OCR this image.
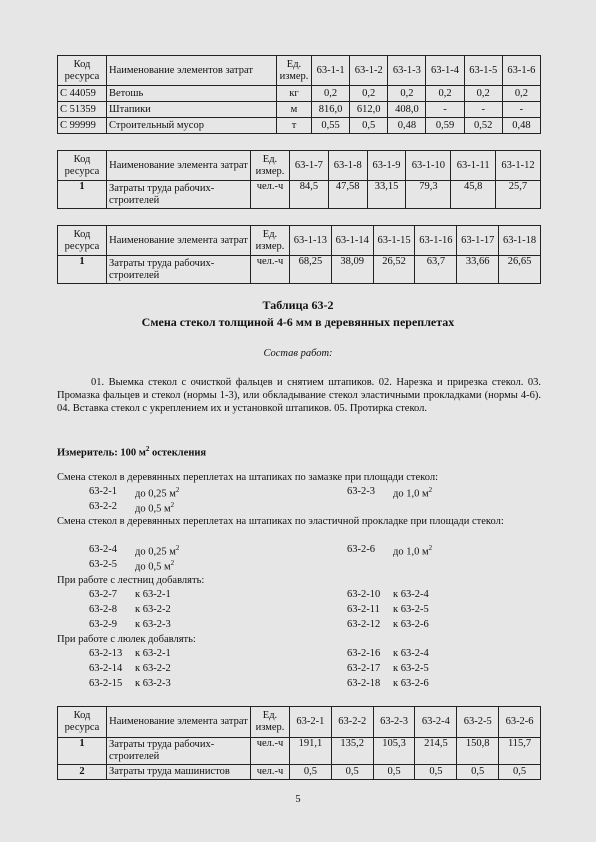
Код ресурса	Наименование элементов затрат	Ед. измер.	63-1-1	63-1-2	63-1-3	63-1-4	63-1-5	63-1-6
С 44059	Ветошь	кг	0,2	0,2	0,2	0,2	0,2	0,2
С 51359	Штапики	м	816,0	612,0	408,0	-	-	-
С 99999	Строительный мусор	т	0,55	0,5	0,48	0,59	0,52	0,48
Код ресурса	Наименование элемента затрат	Ед. измер.	63-1-7	63-1-8	63-1-9	63-1-10	63-1-11	63-1-12
1	Затраты труда рабочих-строителей	чел.-ч	84,5	47,58	33,15	79,3	45,8	25,7
Код ресурса	Наименование элемента затрат	Ед. измер.	63-1-13	63-1-14	63-1-15	63-1-16	63-1-17	63-1-18
1	Затраты труда рабочих-строителей	чел.-ч	68,25	38,09	26,52	63,7	33,66	26,65
Таблица 63-2
Смена стекол толщиной 4-6 мм в деревянных переплетах
Состав работ:
01. Выемка стекол с очисткой фальцев и снятием штапиков. 02. Нарезка и прирезка стекол. 03. Промазка фальцев и стекол (нормы 1-3), или обкладывание стекол эластичными прокладками (нормы 4-6). 04. Вставка стекол с укреплением их и установкой штапиков. 05. Протирка стекол.
Измеритель: 100 $м^2$ остекления
Смена стекол в деревянных переплетах на штапиках по замазке при площади стекол:
63-2-1 до 0,25 $м^2$	63-2-3 до 1,0 $м^2$
63-2-2 до 0,5 $м^2$
Смена стекол в деревянных переплетах на штапиках по эластичной прокладке при площади стекол:
63-2-4 до 0,25 $м^2$	63-2-6 до 1,0 $м^2$
63-2-5 до 0,5 $м^2$
При работе с лестниц добавлять:
63-2-7 к 63-2-1	63-2-10 к 63-2-4
63-2-8 к 63-2-2	63-2-11 к 63-2-5
63-2-9 к 63-2-3	63-2-12 к 63-2-6
При работе с люлек добавлять:
63-2-13 к 63-2-1	63-2-16 к 63-2-4
63-2-14 к 63-2-2	63-2-17 к 63-2-5
63-2-15 к 63-2-3	63-2-18 к 63-2-6
Код ресурса	Наименование элемента затрат	Ед. измер.	63-2-1	63-2-2	63-2-3	63-2-4	63-2-5	63-2-6
1	Затраты труда рабочих-строителей	чел.-ч	191,1	135,2	105,3	214,5	150,8	115,7
2	Затраты труда машинистов	чел.-ч	0,5	0,5	0,5	0,5	0,5	0,5
5
